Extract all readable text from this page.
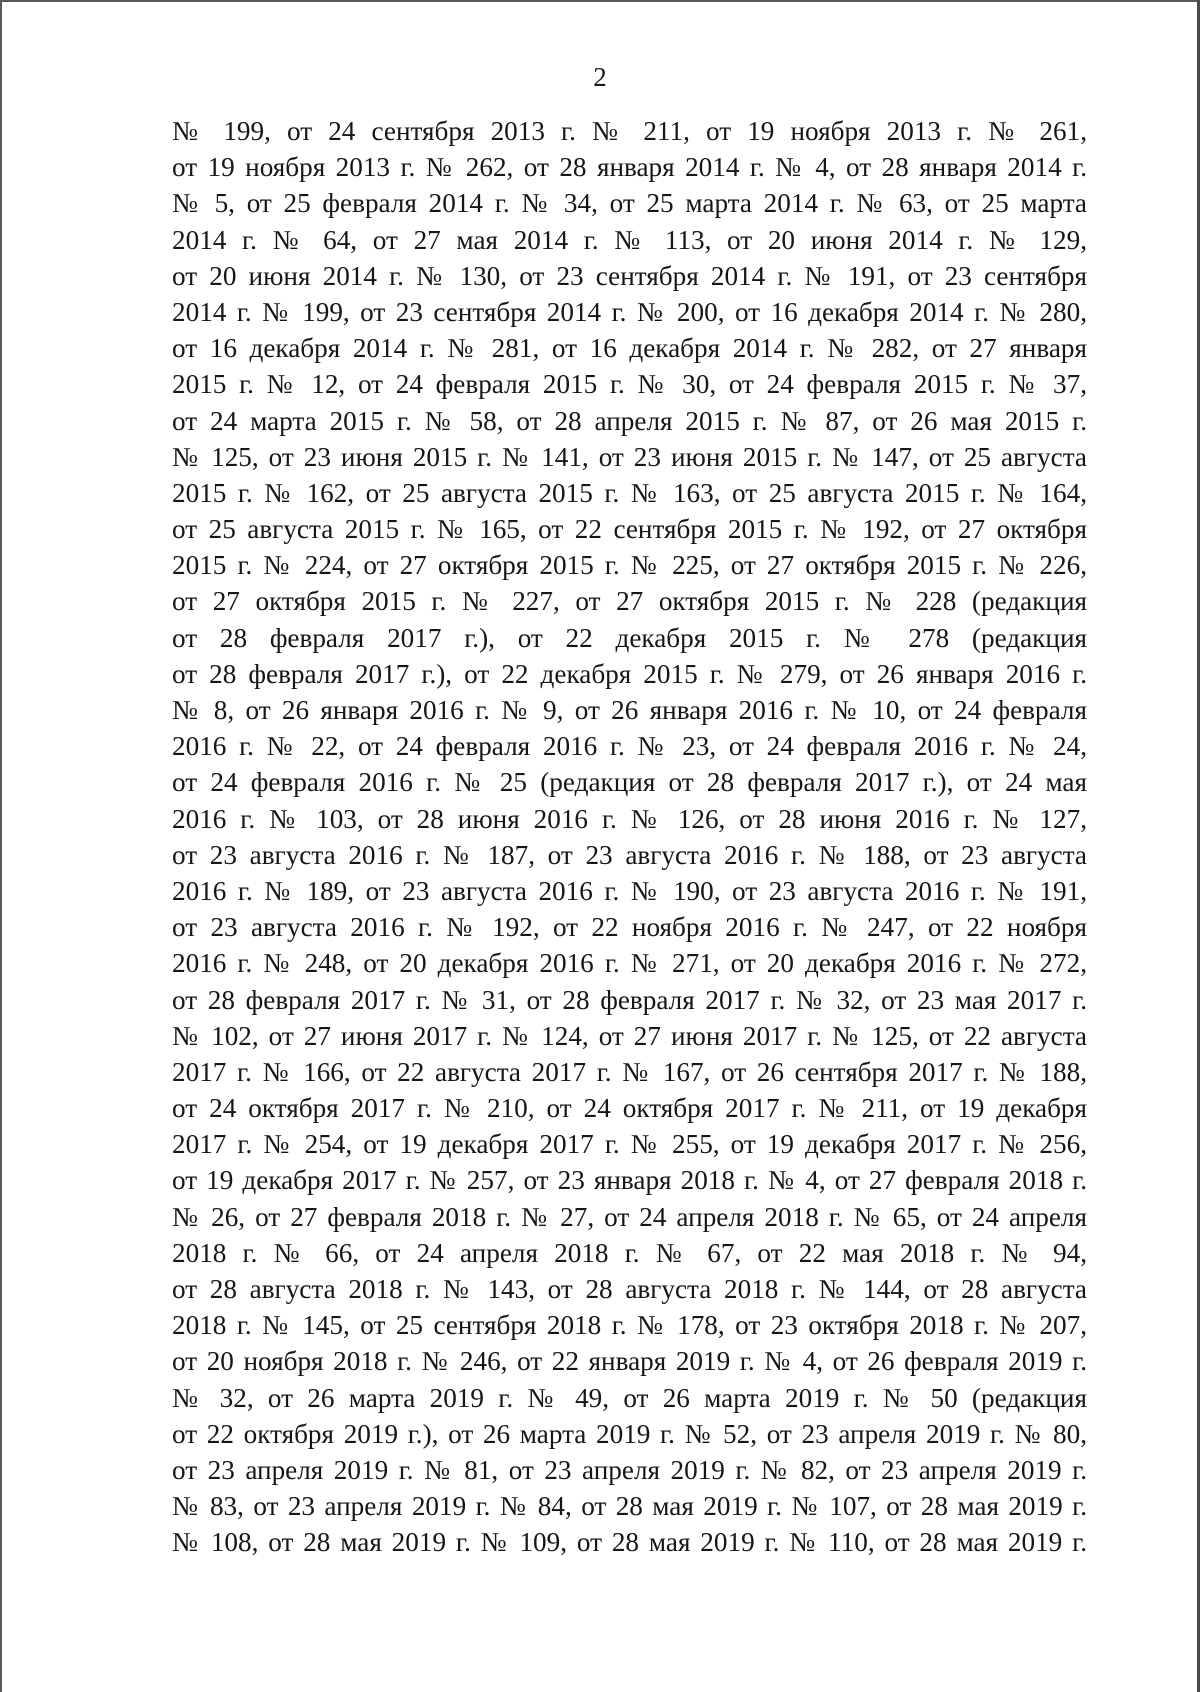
2
№ 199, от 24 сентября 2013 г. № 211, от 19 ноября 2013 г. № 261,
от 19 ноября 2013 г. № 262, от 28 января 2014 г. № 4, от 28 января 2014 г.
№ 5, от 25 февраля 2014 г. № 34, от 25 марта 2014 г. № 63, от 25 марта
2014 г. № 64, от 27 мая 2014 г. № 113, от 20 июня 2014 г. № 129,
от 20 июня 2014 г. № 130, от 23 сентября 2014 г. № 191, от 23 сентября
2014 г. № 199, от 23 сентября 2014 г. № 200, от 16 декабря 2014 г. № 280,
от 16 декабря 2014 г. № 281, от 16 декабря 2014 г. № 282, от 27 января
2015 г. № 12, от 24 февраля 2015 г. № 30, от 24 февраля 2015 г. № 37,
от 24 марта 2015 г. № 58, от 28 апреля 2015 г. № 87, от 26 мая 2015 г.
№ 125, от 23 июня 2015 г. № 141, от 23 июня 2015 г. № 147, от 25 августа
2015 г. № 162, от 25 августа 2015 г. № 163, от 25 августа 2015 г. № 164,
от 25 августа 2015 г. № 165, от 22 сентября 2015 г. № 192, от 27 октября
2015 г. № 224, от 27 октября 2015 г. № 225, от 27 октября 2015 г. № 226,
от 27 октября 2015 г. № 227, от 27 октября 2015 г. № 228 (редакция
от 28 февраля 2017 г.), от 22 декабря 2015 г. № 278 (редакция
от 28 февраля 2017 г.), от 22 декабря 2015 г. № 279, от 26 января 2016 г.
№ 8, от 26 января 2016 г. № 9, от 26 января 2016 г. № 10, от 24 февраля
2016 г. № 22, от 24 февраля 2016 г. № 23, от 24 февраля 2016 г. № 24,
от 24 февраля 2016 г. № 25 (редакция от 28 февраля 2017 г.), от 24 мая
2016 г. № 103, от 28 июня 2016 г. № 126, от 28 июня 2016 г. № 127,
от 23 августа 2016 г. № 187, от 23 августа 2016 г. № 188, от 23 августа
2016 г. № 189, от 23 августа 2016 г. № 190, от 23 августа 2016 г. № 191,
от 23 августа 2016 г. № 192, от 22 ноября 2016 г. № 247, от 22 ноября
2016 г. № 248, от 20 декабря 2016 г. № 271, от 20 декабря 2016 г. № 272,
от 28 февраля 2017 г. № 31, от 28 февраля 2017 г. № 32, от 23 мая 2017 г.
№ 102, от 27 июня 2017 г. № 124, от 27 июня 2017 г. № 125, от 22 августа
2017 г. № 166, от 22 августа 2017 г. № 167, от 26 сентября 2017 г. № 188,
от 24 октября 2017 г. № 210, от 24 октября 2017 г. № 211, от 19 декабря
2017 г. № 254, от 19 декабря 2017 г. № 255, от 19 декабря 2017 г. № 256,
от 19 декабря 2017 г. № 257, от 23 января 2018 г. № 4, от 27 февраля 2018 г.
№ 26, от 27 февраля 2018 г. № 27, от 24 апреля 2018 г. № 65, от 24 апреля
2018 г. № 66, от 24 апреля 2018 г. № 67, от 22 мая 2018 г. № 94,
от 28 августа 2018 г. № 143, от 28 августа 2018 г. № 144, от 28 августа
2018 г. № 145, от 25 сентября 2018 г. № 178, от 23 октября 2018 г. № 207,
от 20 ноября 2018 г. № 246, от 22 января 2019 г. № 4, от 26 февраля 2019 г.
№ 32, от 26 марта 2019 г. № 49, от 26 марта 2019 г. № 50 (редакция
от 22 октября 2019 г.), от 26 марта 2019 г. № 52, от 23 апреля 2019 г. № 80,
от 23 апреля 2019 г. № 81, от 23 апреля 2019 г. № 82, от 23 апреля 2019 г.
№ 83, от 23 апреля 2019 г. № 84, от 28 мая 2019 г. № 107, от 28 мая 2019 г.
№ 108, от 28 мая 2019 г. № 109, от 28 мая 2019 г. № 110, от 28 мая 2019 г.
